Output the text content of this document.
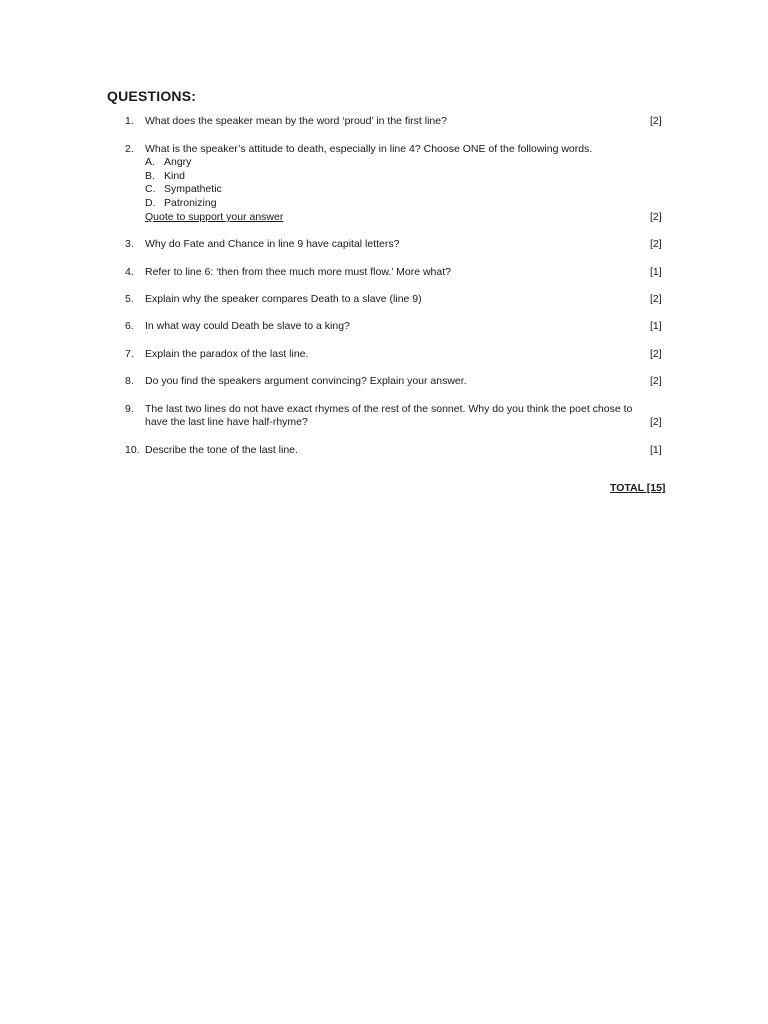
QUESTIONS:
1. What does the speaker mean by the word ‘proud’ in the first line?	[2]
2. What is the speaker’s attitude to death, especially in line 4? Choose ONE of the following words.
A. Angry
B. Kind
C. Sympathetic
D. Patronizing
Quote to support your answer	[2]
3. Why do Fate and Chance in line 9 have capital letters?	[2]
4. Refer to line 6: ‘then from thee much more must flow.’ More what?	[1]
5. Explain why the speaker compares Death to a slave (line 9)	[2]
6. In what way could Death be slave to a king?	[1]
7. Explain the paradox of the last line.	[2]
8. Do you find the speakers argument convincing? Explain your answer.	[2]
9. The last two lines do not have exact rhymes of the rest of the sonnet. Why do you think the poet chose to
have the last line have half-rhyme?	[2]
10. Describe the tone of the last line.	[1]
TOTAL [15]
